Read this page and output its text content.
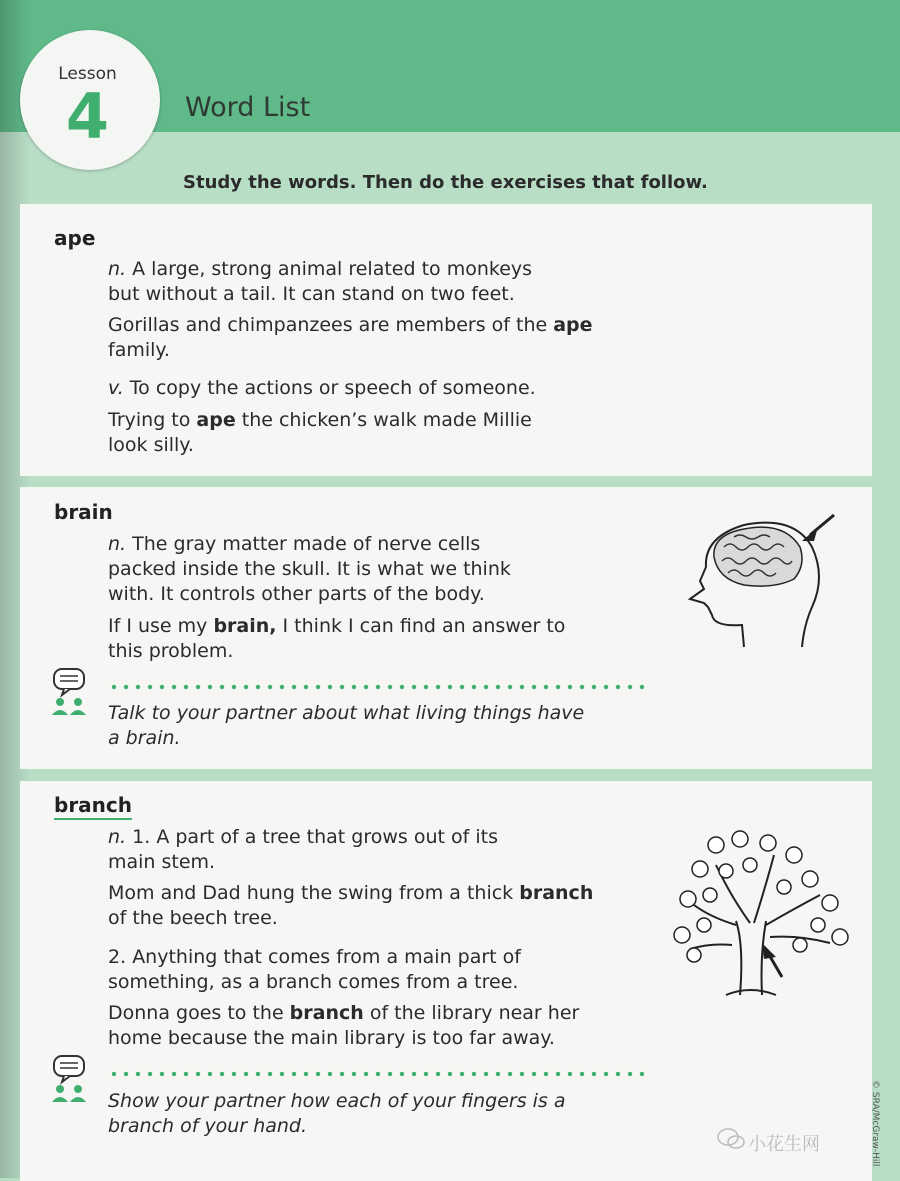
Lesson
4	Word List
Study the words. Then do the exercises that follow.
ape
n. A large, strong animal related to monkeys
but without a tail. It can stand on two feet.
Gorillas and chimpanzees are members of the ape
family.
v. To copy the actions or speech of someone.
Trying to ape the chicken’s walk made Millie
look silly.
brain
n. The gray matter made of nerve cells
packed inside the skull. It is what we think
with. It controls other parts of the body.
If I use my brain, I think I can find an answer to
this problem.
Talk to your partner about what living things have
a brain.
branch
n. 1. A part of a tree that grows out of its
main stem.
Mom and Dad hung the swing from a thick branch
of the beech tree.
2. Anything that comes from a main part of
something, as a branch comes from a tree.
Donna goes to the branch of the library near her
home because the main library is too far away.
Show your partner how each of your fingers is a
branch of your hand.	© SRA/McGraw-Hill
小花生网
